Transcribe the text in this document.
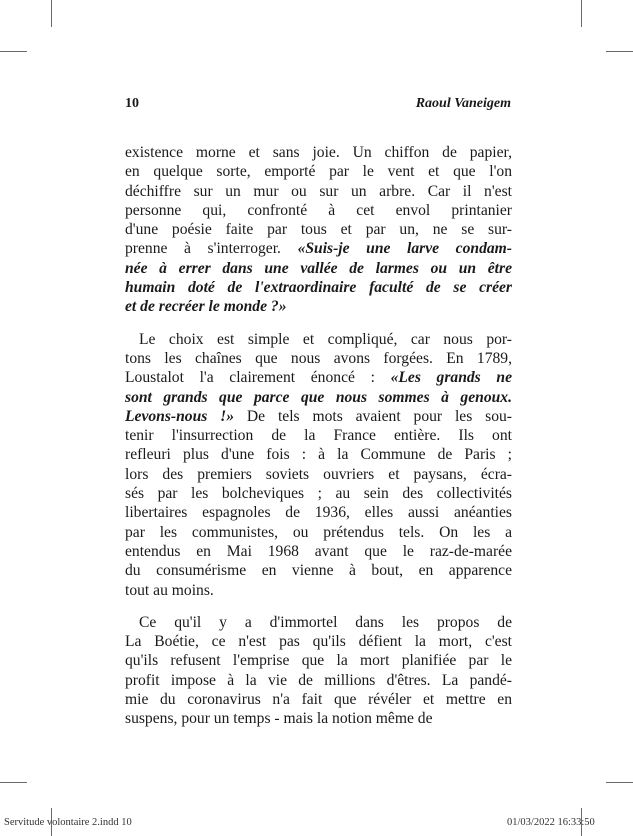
10	Raoul Vaneigem
existence morne et sans joie. Un chiffon de papier,
en quelque sorte, emporté par le vent et que l'on
déchiffre sur un mur ou sur un arbre. Car il n'est
personne qui, confronté à cet envol printanier
d'une poésie faite par tous et par un, ne se sur-
prenne à s'interroger. «Suis-je une larve condam-
née à errer dans une vallée de larmes ou un être
humain doté de l'extraordinaire faculté de se créer
et de recréer le monde ?»
Le choix est simple et compliqué, car nous por-
tons les chaînes que nous avons forgées. En 1789,
Loustalot l'a clairement énoncé : «Les grands ne
sont grands que parce que nous sommes à genoux.
Levons-nous !» De tels mots avaient pour les sou-
tenir l'insurrection de la France entière. Ils ont
refleuri plus d'une fois : à la Commune de Paris ;
lors des premiers soviets ouvriers et paysans, écra-
sés par les bolcheviques ; au sein des collectivités
libertaires espagnoles de 1936, elles aussi anéanties
par les communistes, ou prétendus tels. On les a
entendus en Mai 1968 avant que le raz-de-marée
du consumérisme en vienne à bout, en apparence
tout au moins.
Ce qu'il y a d'immortel dans les propos de
La Boétie, ce n'est pas qu'ils défient la mort, c'est
qu'ils refusent l'emprise que la mort planifiée par le
profit impose à la vie de millions d'êtres. La pandé-
mie du coronavirus n'a fait que révéler et mettre en
suspens, pour un temps - mais la notion même de
Servitude volontaire 2.indd 10	01/03/2022 16:33:50
